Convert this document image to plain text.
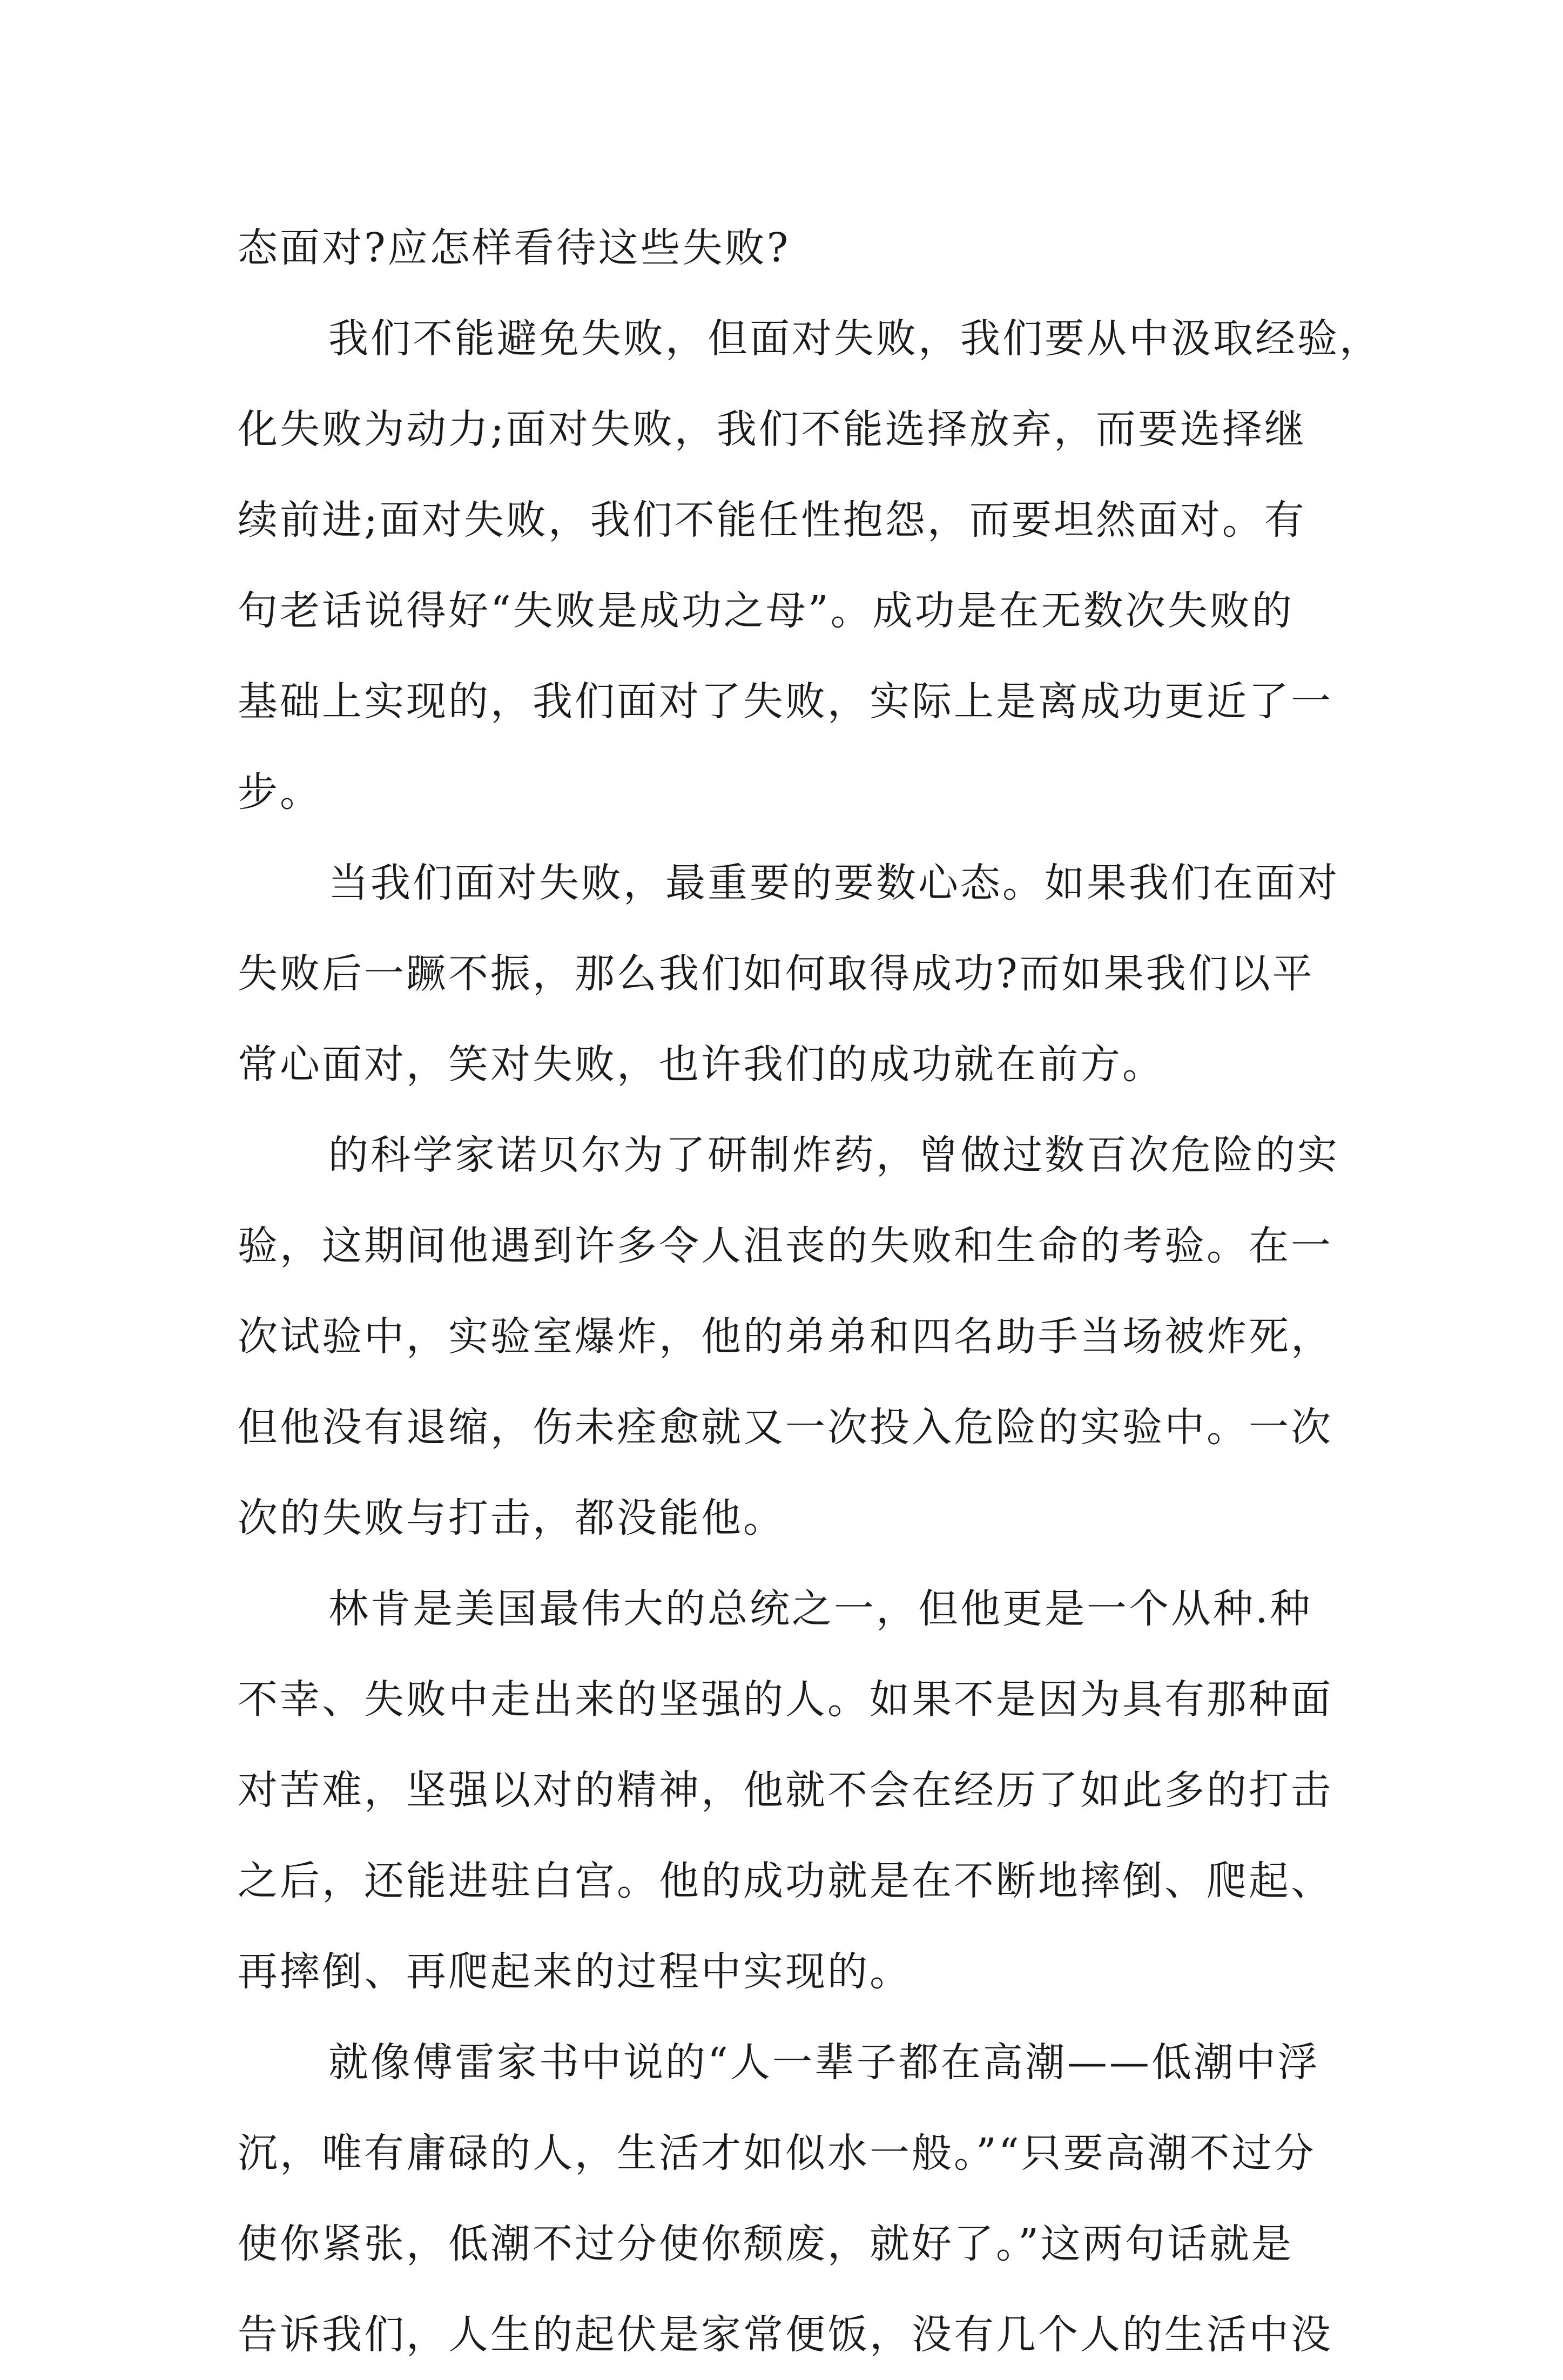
态面对?应怎样看待这些失败?
我们不能避免失败，但面对失败，我们要从中汲取经验，
化失败为动力;面对失败，我们不能选择放弃，而要选择继
续前进;面对失败，我们不能任性抱怨，而要坦然面对。有
句老话说得好“失败是成功之母”。成功是在无数次失败的
基础上实现的，我们面对了失败，实际上是离成功更近了一
步。
当我们面对失败，最重要的要数心态。如果我们在面对
失败后一蹶不振，那么我们如何取得成功?而如果我们以平
常心面对，笑对失败，也许我们的成功就在前方。
的科学家诺贝尔为了研制炸药，曾做过数百次危险的实
验，这期间他遇到许多令人沮丧的失败和生命的考验。在一
次试验中，实验室爆炸，他的弟弟和四名助手当场被炸死，
但他没有退缩，伤未痊愈就又一次投入危险的实验中。一次
次的失败与打击，都没能他。
林肯是美国最伟大的总统之一，但他更是一个从种.种
不幸、失败中走出来的坚强的人。如果不是因为具有那种面
对苦难，坚强以对的精神，他就不会在经历了如此多的打击
之后，还能进驻白宫。他的成功就是在不断地摔倒、爬起、
再摔倒、再爬起来的过程中实现的。
就像傅雷家书中说的“人一辈子都在高潮——低潮中浮
沉，唯有庸碌的人，生活才如似水一般。”“只要高潮不过分
使你紧张，低潮不过分使你颓废，就好了。”这两句话就是
告诉我们，人生的起伏是家常便饭，没有几个人的生活中没
